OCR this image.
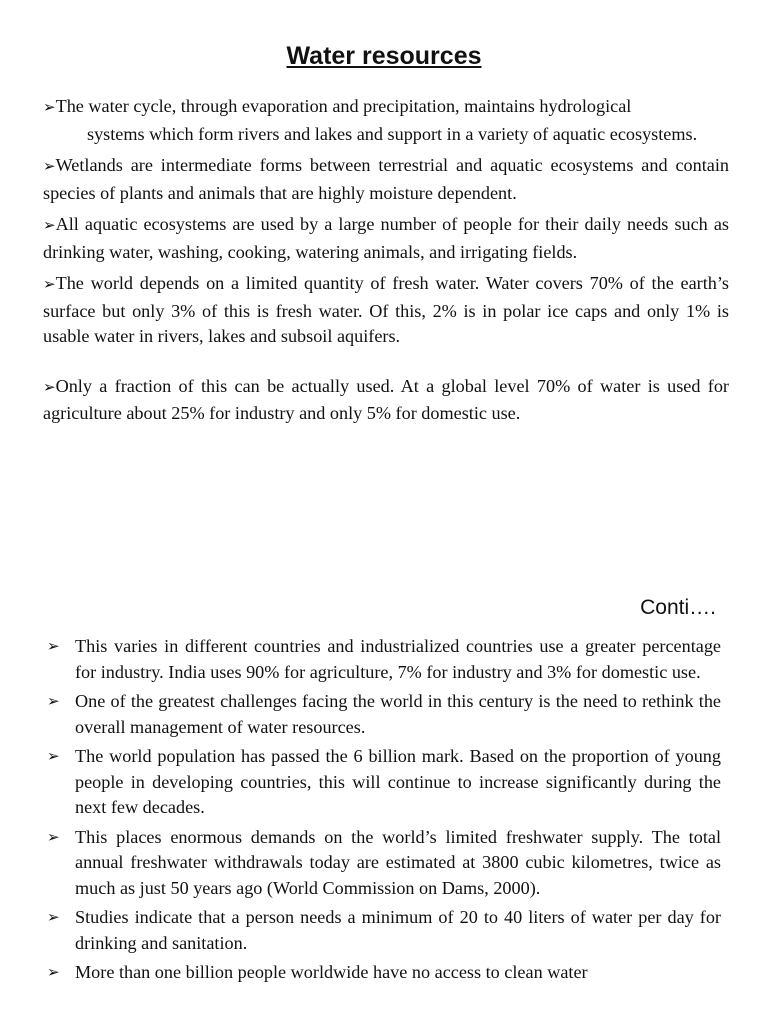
Water resources

➢The water cycle, through evaporation and precipitation, maintains hydrological
systems which form rivers and lakes and support in a variety of aquatic ecosystems.

➢Wetlands are intermediate forms between terrestrial and aquatic ecosystems and contain species of plants and animals that are highly moisture dependent.

➢All aquatic ecosystems are used by a large number of people for their daily needs such as drinking water, washing, cooking, watering animals, and irrigating fields.

➢The world depends on a limited quantity of fresh water. Water covers 70% of the earth’s surface but only 3% of this is fresh water. Of this, 2% is in polar ice caps and only 1% is usable water in rivers, lakes and subsoil aquifers.

➢Only a fraction of this can be actually used. At a global level 70% of water is used for agriculture about 25% for industry and only 5% for domestic use.

Conti….

➢ This varies in different countries and industrialized countries use a greater percentage for industry. India uses 90% for agriculture, 7% for industry and 3% for domestic use.
➢ One of the greatest challenges facing the world in this century is the need to rethink the overall management of water resources.
➢ The world population has passed the 6 billion mark. Based on the proportion of young people in developing countries, this will continue to increase significantly during the next few decades.
➢ This places enormous demands on the world’s limited freshwater supply. The total annual freshwater withdrawals today are estimated at 3800 cubic kilometres, twice as much as just 50 years ago (World Commission on Dams, 2000).
➢ Studies indicate that a person needs a minimum of 20 to 40 liters of water per day for drinking and sanitation.
➢ More than one billion people worldwide have no access to clean water
